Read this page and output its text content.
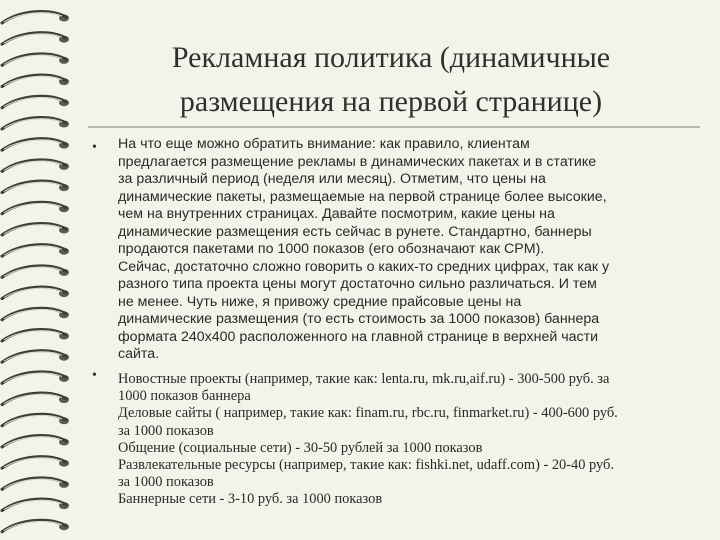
Рекламная политика (динамичные
размещения на первой странице)
• На что еще можно обратить внимание: как правило, клиентам
предлагается размещение рекламы в динамических пакетах и в статике
за различный период (неделя или месяц). Отметим, что цены на
динамические пакеты, размещаемые на первой странице более высокие,
чем на внутренних страницах. Давайте посмотрим, какие цены на
динамические размещения есть сейчас в рунете. Стандартно, баннеры
продаются пакетами по 1000 показов (его обозначают как CPM).
Сейчас, достаточно сложно говорить о каких-то средних цифрах, так как у
разного типа проекта цены могут достаточно сильно различаться. И тем
не менее. Чуть ниже, я привожу средние прайсовые цены на
динамические размещения (то есть стоимость за 1000 показов) баннера
формата 240x400 расположенного на главной странице в верхней части
сайта.
• Новостные проекты (например, такие как: lenta.ru, mk.ru,aif.ru) - 300-500 руб. за
1000 показов баннера
Деловые сайты ( например, такие как: finam.ru, rbc.ru, finmarket.ru) - 400-600 руб.
за 1000 показов
Общение (социальные сети) - 30-50 рублей за 1000 показов
Развлекательные ресурсы (например, такие как: fishki.net, udaff.com) - 20-40 руб.
за 1000 показов
Баннерные сети - 3-10 руб. за 1000 показов
